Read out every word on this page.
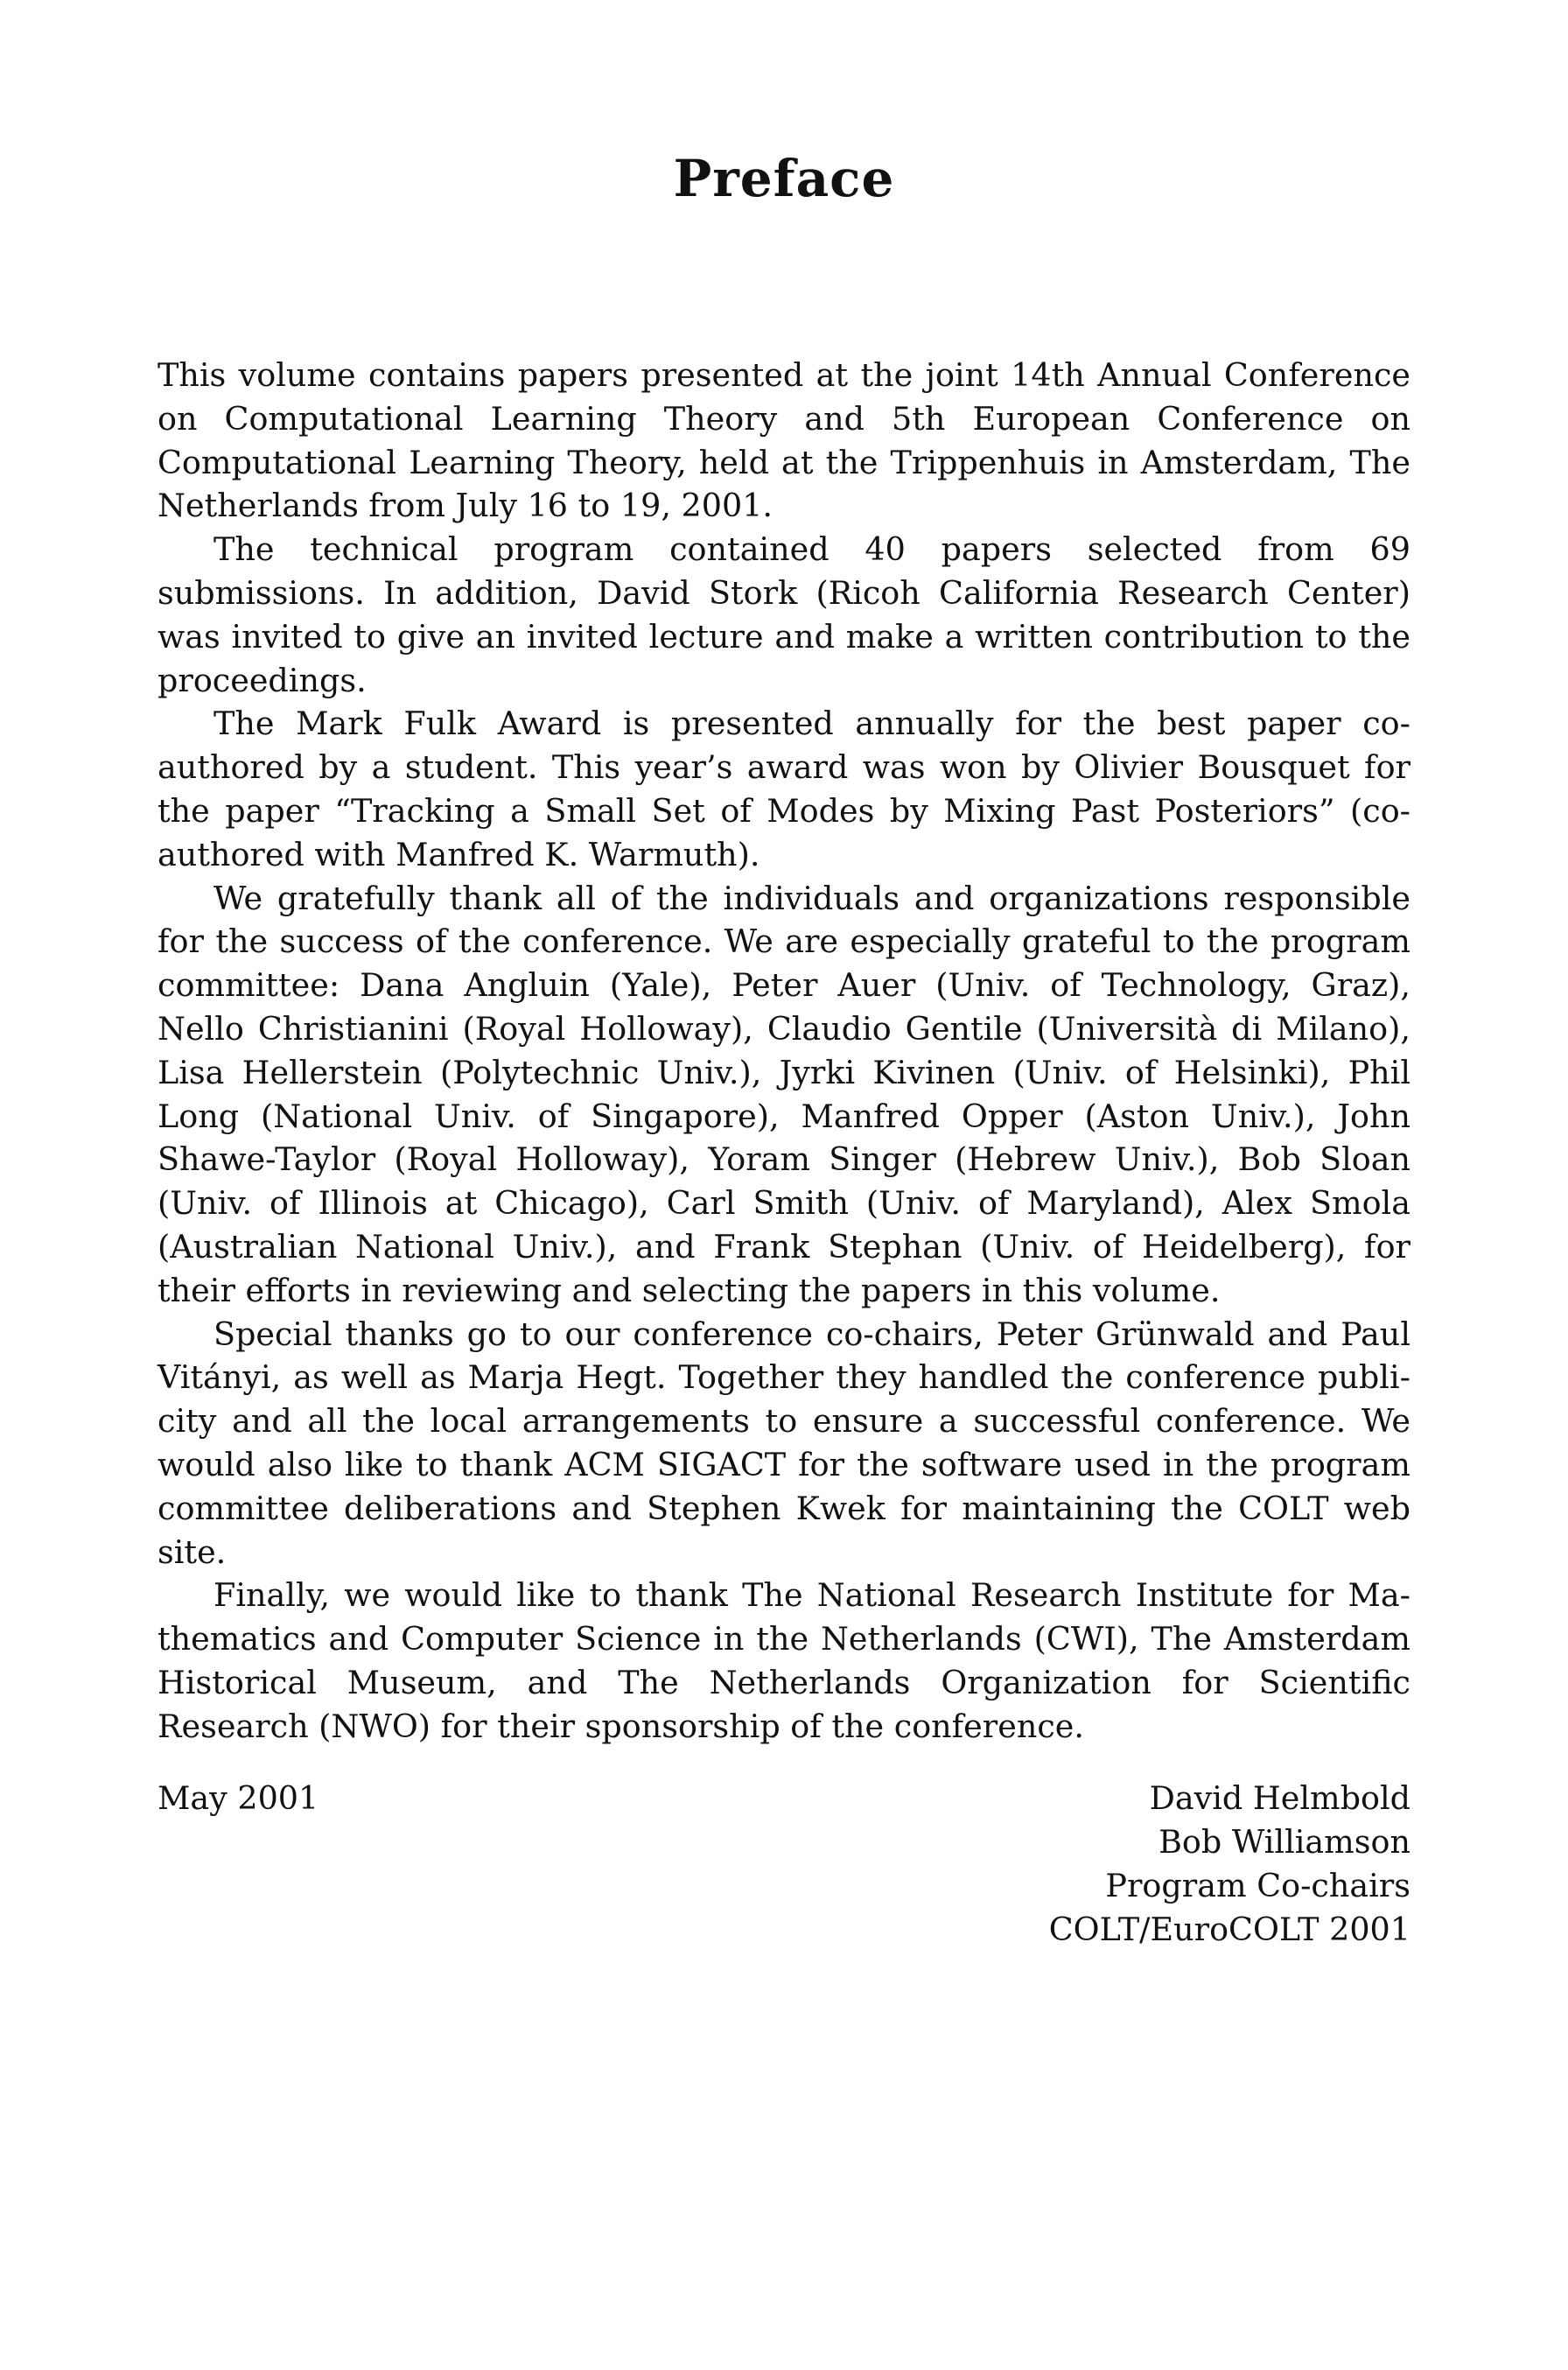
Preface

This volume contains papers presented at the joint 14th Annual Conference on Computational Learning Theory and 5th European Conference on Computational Learning Theory, held at the Trippenhuis in Amsterdam, The Netherlands from July 16 to 19, 2001.

The technical program contained 40 papers selected from 69 submissions. In addition, David Stork (Ricoh California Research Center) was invited to give an invited lecture and make a written contribution to the proceedings.

The Mark Fulk Award is presented annually for the best paper co-authored by a student. This year’s award was won by Olivier Bousquet for the paper “Tracking a Small Set of Modes by Mixing Past Posteriors” (co-authored with Manfred K. Warmuth).

We gratefully thank all of the individuals and organizations responsible for the success of the conference. We are especially grateful to the program committee: Dana Angluin (Yale), Peter Auer (Univ. of Technology, Graz), Nello Christianini (Royal Holloway), Claudio Gentile (Università di Milano), Lisa Hellerstein (Polytechnic Univ.), Jyrki Kivinen (Univ. of Helsinki), Phil Long (National Univ. of Singapore), Manfred Opper (Aston Univ.), John Shawe-Taylor (Royal Holloway), Yoram Singer (Hebrew Univ.), Bob Sloan (Univ. of Illinois at Chicago), Carl Smith (Univ. of Maryland), Alex Smola (Australian National Univ.), and Frank Stephan (Univ. of Heidelberg), for their efforts in reviewing and selecting the papers in this volume.

Special thanks go to our conference co-chairs, Peter Grünwald and Paul Vitányi, as well as Marja Hegt. Together they handled the conference publicity and all the local arrangements to ensure a successful conference. We would also like to thank ACM SIGACT for the software used in the program committee deliberations and Stephen Kwek for maintaining the COLT web site.

Finally, we would like to thank The National Research Institute for Mathematics and Computer Science in the Netherlands (CWI), The Amsterdam Historical Museum, and The Netherlands Organization for Scientific Research (NWO) for their sponsorship of the conference.

May 2001	David Helmbold
Bob Williamson
Program Co-chairs
COLT/EuroCOLT 2001
